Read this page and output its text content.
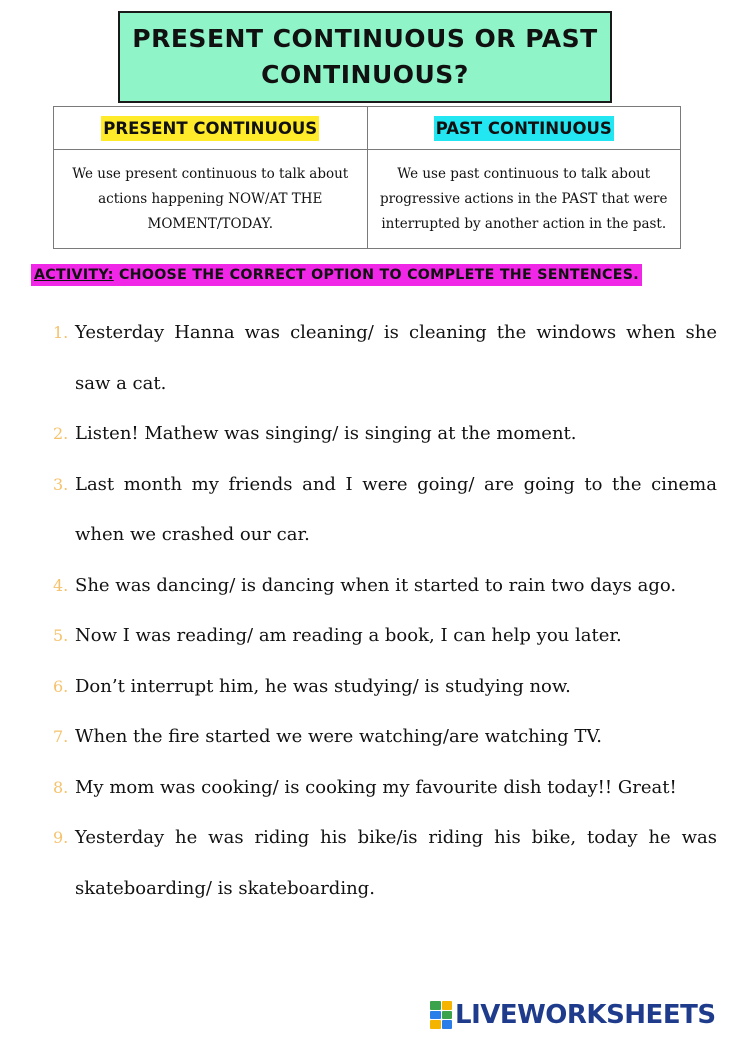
PRESENT CONTINUOUS OR PAST
CONTINUOUS?
PRESENT CONTINUOUS	PAST CONTINUOUS
We use present continuous to talk about actions happening NOW/AT THE MOMENT/TODAY.	We use past continuous to talk about progressive actions in the PAST that were interrupted by another action in the past.
ACTIVITY: CHOOSE THE CORRECT OPTION TO COMPLETE THE SENTENCES.
1. Yesterday Hanna was cleaning/ is cleaning the windows when she saw a cat.
2. Listen! Mathew was singing/ is singing at the moment.
3. Last month my friends and I were going/ are going to the cinema when we crashed our car.
4. She was dancing/ is dancing when it started to rain two days ago.
5. Now I was reading/ am reading a book, I can help you later.
6. Don’t interrupt him, he was studying/ is studying now.
7. When the fire started we were watching/are watching TV.
8. My mom was cooking/ is cooking my favourite dish today!! Great!
9. Yesterday he was riding his bike/is riding his bike, today he was skateboarding/ is skateboarding.
LIVEWORKSHEETS
